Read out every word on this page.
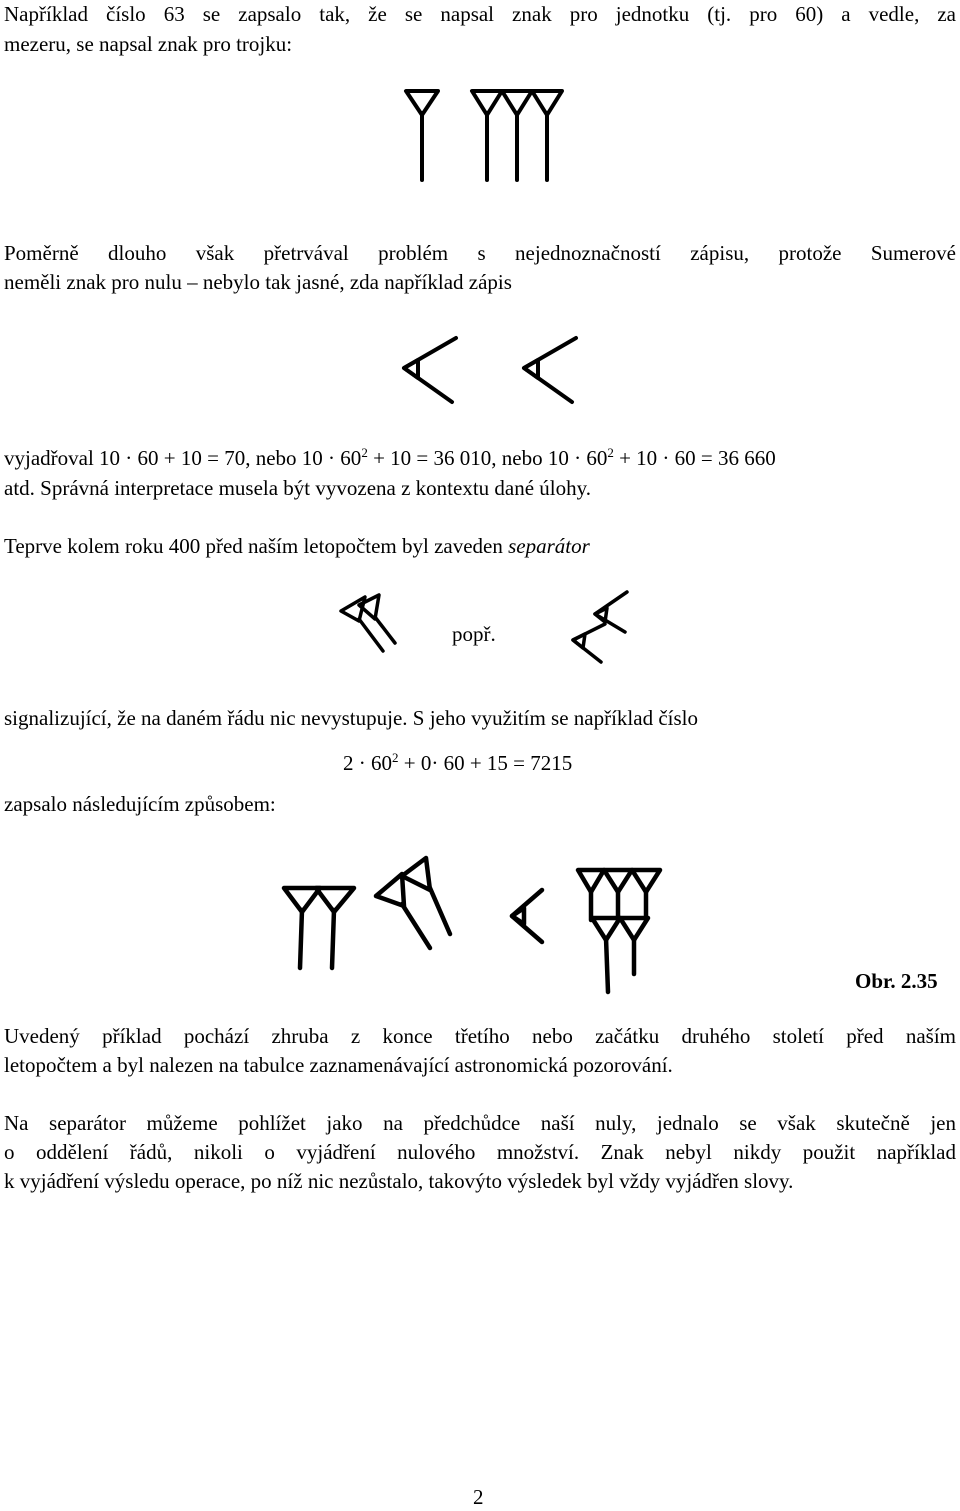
Například číslo 63 se zapsalo tak, že se napsal znak pro jednotku (tj. pro 60) a vedle, za
mezeru, se napsal znak pro trojku:
Poměrně dlouho však přetrvával problém s nejednoznačností zápisu, protože Sumerové
neměli znak pro nulu – nebylo tak jasné, zda například zápis
vyjadřoval 10 · 60 + 10 = 70, nebo $10 \cdot 60^2 + 10 = 36$ 010, nebo $10 \cdot 60^2 + 10 \cdot 60 = 36$ 660
atd. Správná interpretace musela být vyvozena z kontextu dané úlohy.
Teprve kolem roku 400 před naším letopočtem byl zaveden separátor
popř.
signalizující, že na daném řádu nic nevystupuje. S jeho využitím se například číslo
$2 \cdot 60^2 + 0\cdot 60 + 15 = 7215$
zapsalo následujícím způsobem:
Obr. 2.35
Uvedený příklad pochází zhruba z konce třetího nebo začátku druhého století před naším
letopočtem a byl nalezen na tabulce zaznamenávající astronomická pozorování.
Na separátor můžeme pohlížet jako na předchůdce naší nuly, jednalo se však skutečně jen
o oddělení řádů, nikoli o vyjádření nulového množství. Znak nebyl nikdy použit například
k vyjádření výsledu operace, po níž nic nezůstalo, takovýto výsledek byl vždy vyjádřen slovy.
2
